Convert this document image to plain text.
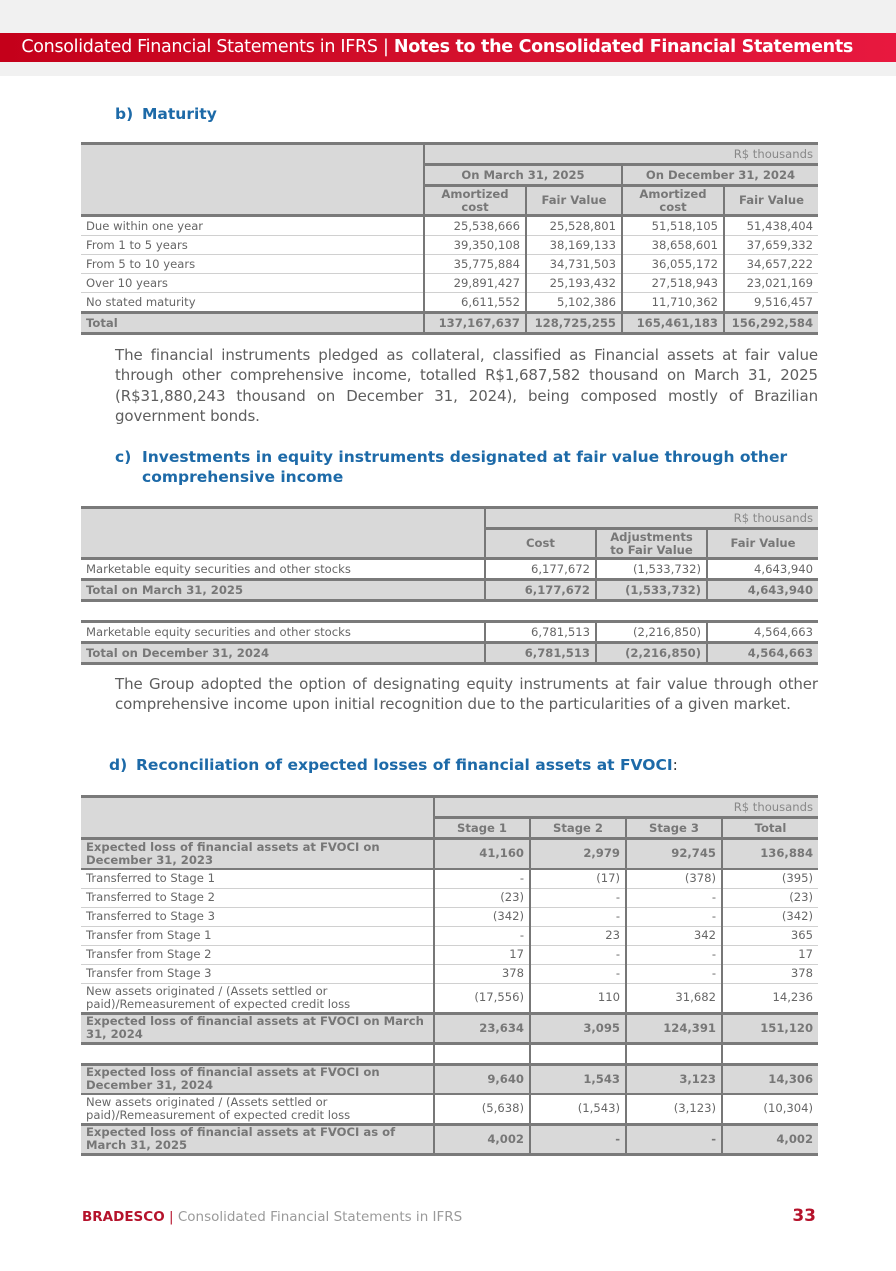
Consolidated Financial Statements in IFRS | Notes to the Consolidated Financial Statements
b) Maturity
	R$ thousands			
	On March 31, 2025		On December 31, 2024	
	Amortized cost	Fair Value	Amortized cost	Fair Value
Due within one year	25,538,666	25,528,801	51,518,105	51,438,404
From 1 to 5 years	39,350,108	38,169,133	38,658,601	37,659,332
From 5 to 10 years	35,775,884	34,731,503	36,055,172	34,657,222
Over 10 years	29,891,427	25,193,432	27,518,943	23,021,169
No stated maturity	6,611,552	5,102,386	11,710,362	9,516,457
Total	137,167,637	128,725,255	165,461,183	156,292,584
The financial instruments pledged as collateral, classified as Financial assets at fair value through other comprehensive income, totalled R$1,687,582 thousand on March 31, 2025 (R$31,880,243 thousand on December 31, 2024), being composed mostly of Brazilian government bonds.
c) Investments in equity instruments designated at fair value through other
comprehensive income
	R$ thousands		
	Cost	Adjustments to Fair Value	Fair Value
Marketable equity securities and other stocks	6,177,672	(1,533,732)	4,643,940
Total on March 31, 2025	6,177,672	(1,533,732)	4,643,940

Marketable equity securities and other stocks	6,781,513	(2,216,850)	4,564,663
Total on December 31, 2024	6,781,513	(2,216,850)	4,564,663
The Group adopted the option of designating equity instruments at fair value through other comprehensive income upon initial recognition due to the particularities of a given market.
d) Reconciliation of expected losses of financial assets at FVOCI:
	R$ thousands			
	Stage 1	Stage 2	Stage 3	Total
Expected loss of financial assets at FVOCI on December 31, 2023	41,160	2,979	92,745	136,884
Transferred to Stage 1	-	(17)	(378)	(395)
Transferred to Stage 2	(23)	-	-	(23)
Transferred to Stage 3	(342)	-	-	(342)
Transfer from Stage 1	-	23	342	365
Transfer from Stage 2	17	-	-	17
Transfer from Stage 3	378	-	-	378
New assets originated / (Assets settled or paid)/Remeasurement of expected credit loss	(17,556)	110	31,682	14,236
Expected loss of financial assets at FVOCI on March 31, 2024	23,634	3,095	124,391	151,120

Expected loss of financial assets at FVOCI on December 31, 2024	9,640	1,543	3,123	14,306
New assets originated / (Assets settled or paid)/Remeasurement of expected credit loss	(5,638)	(1,543)	(3,123)	(10,304)
Expected loss of financial assets at FVOCI as of March 31, 2025	4,002	-	-	4,002
BRADESCO | Consolidated Financial Statements in IFRS	33
